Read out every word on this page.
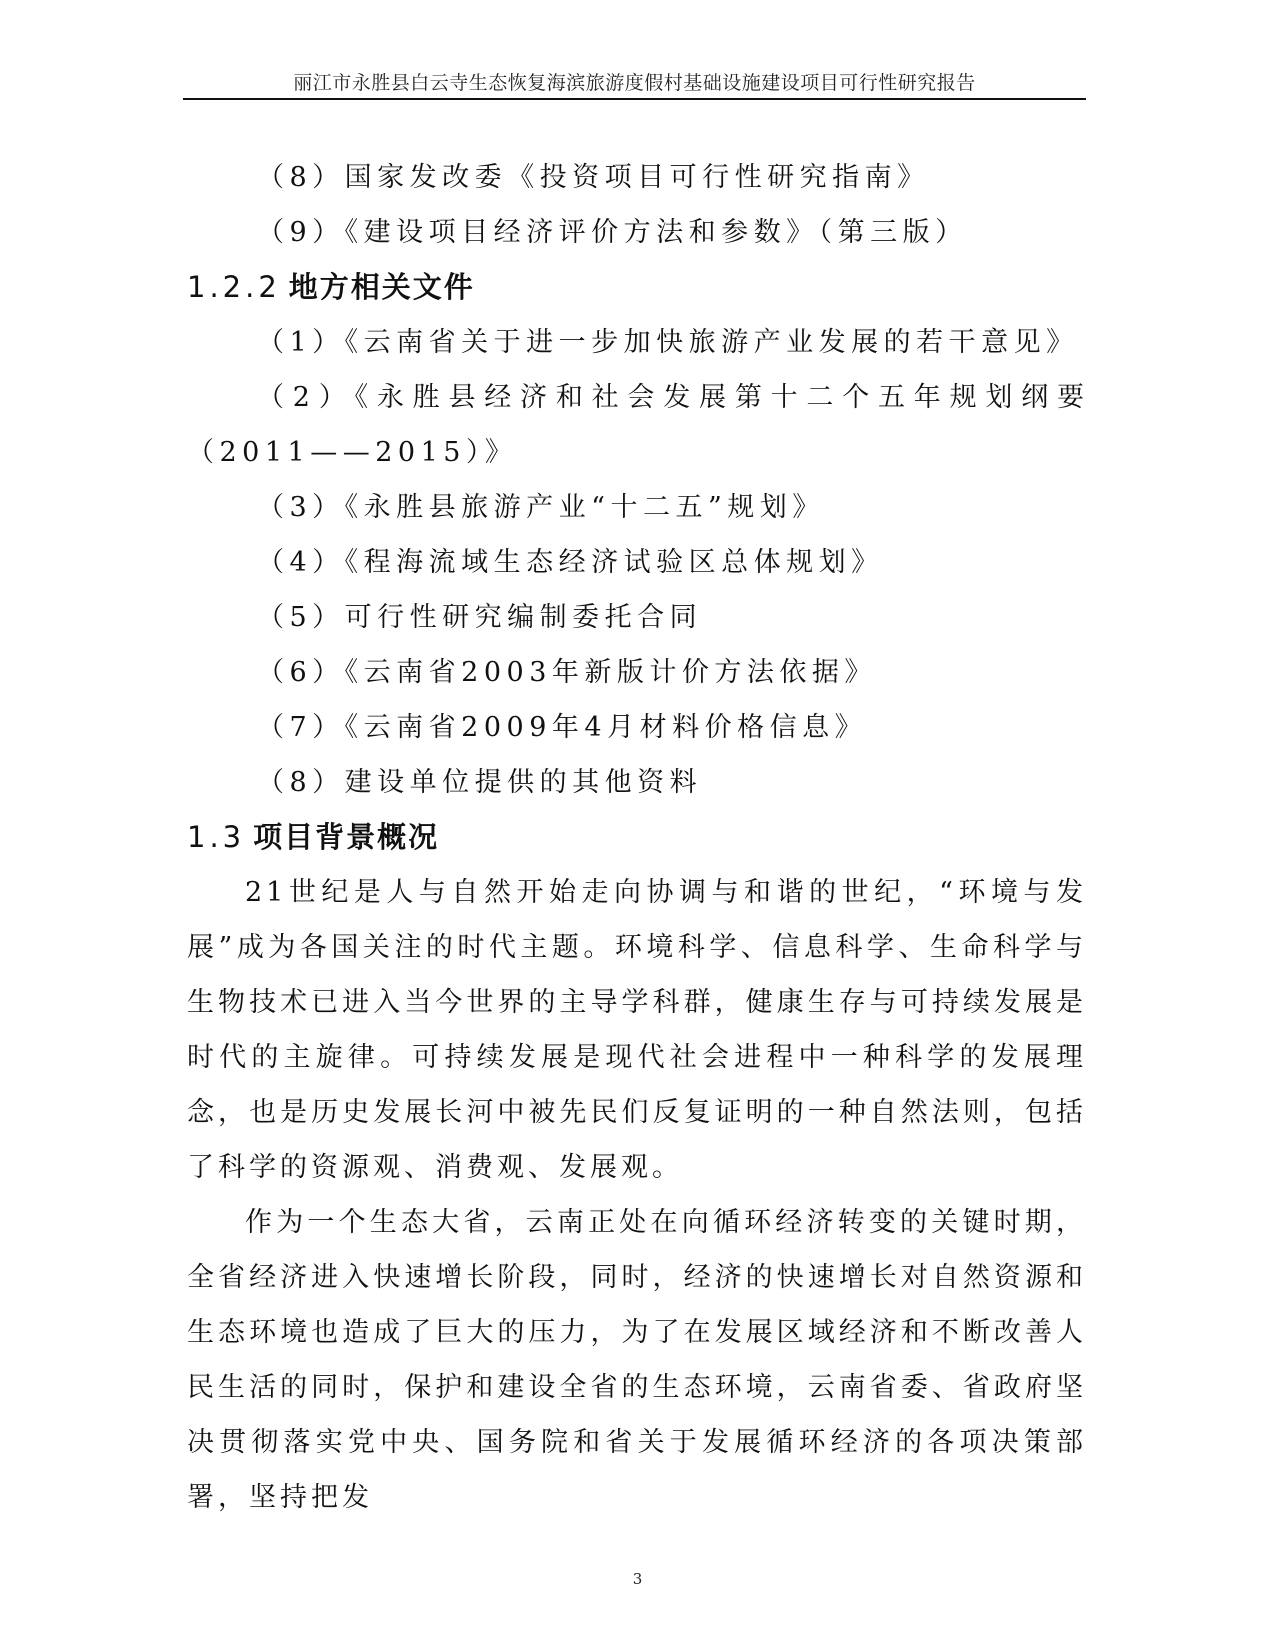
丽江市永胜县白云寺生态恢复海滨旅游度假村基础设施建设项目可行性研究报告

（8）国家发改委《投资项目可行性研究指南》

（9）《建设项目经济评价方法和参数》（第三版）

1.2.2 地方相关文件

（1）《云南省关于进一步加快旅游产业发展的若干意见》

（2）《永胜县经济和社会发展第十二个五年规划纲要

（2011——2015）》

（3）《永胜县旅游产业“十二五”规划》

（4）《程海流域生态经济试验区总体规划》

（5）可行性研究编制委托合同

（6）《云南省2003年新版计价方法依据》

（7）《云南省2009年4月材料价格信息》

（8）建设单位提供的其他资料

1.3 项目背景概况

21世纪是人与自然开始走向协调与和谐的世纪，“环境与发展”成为各国关注的时代主题。环境科学、信息科学、生命科学与生物技术已进入当今世界的主导学科群，健康生存与可持续发展是时代的主旋律。可持续发展是现代社会进程中一种科学的发展理念，也是历史发展长河中被先民们反复证明的一种自然法则，包括了科学的资源观、消费观、发展观。

作为一个生态大省，云南正处在向循环经济转变的关键时期，全省经济进入快速增长阶段，同时，经济的快速增长对自然资源和生态环境也造成了巨大的压力，为了在发展区域经济和不断改善人民生活的同时，保护和建设全省的生态环境，云南省委、省政府坚决贯彻落实党中央、国务院和省关于发展循环经济的各项决策部署，坚持把发

3
